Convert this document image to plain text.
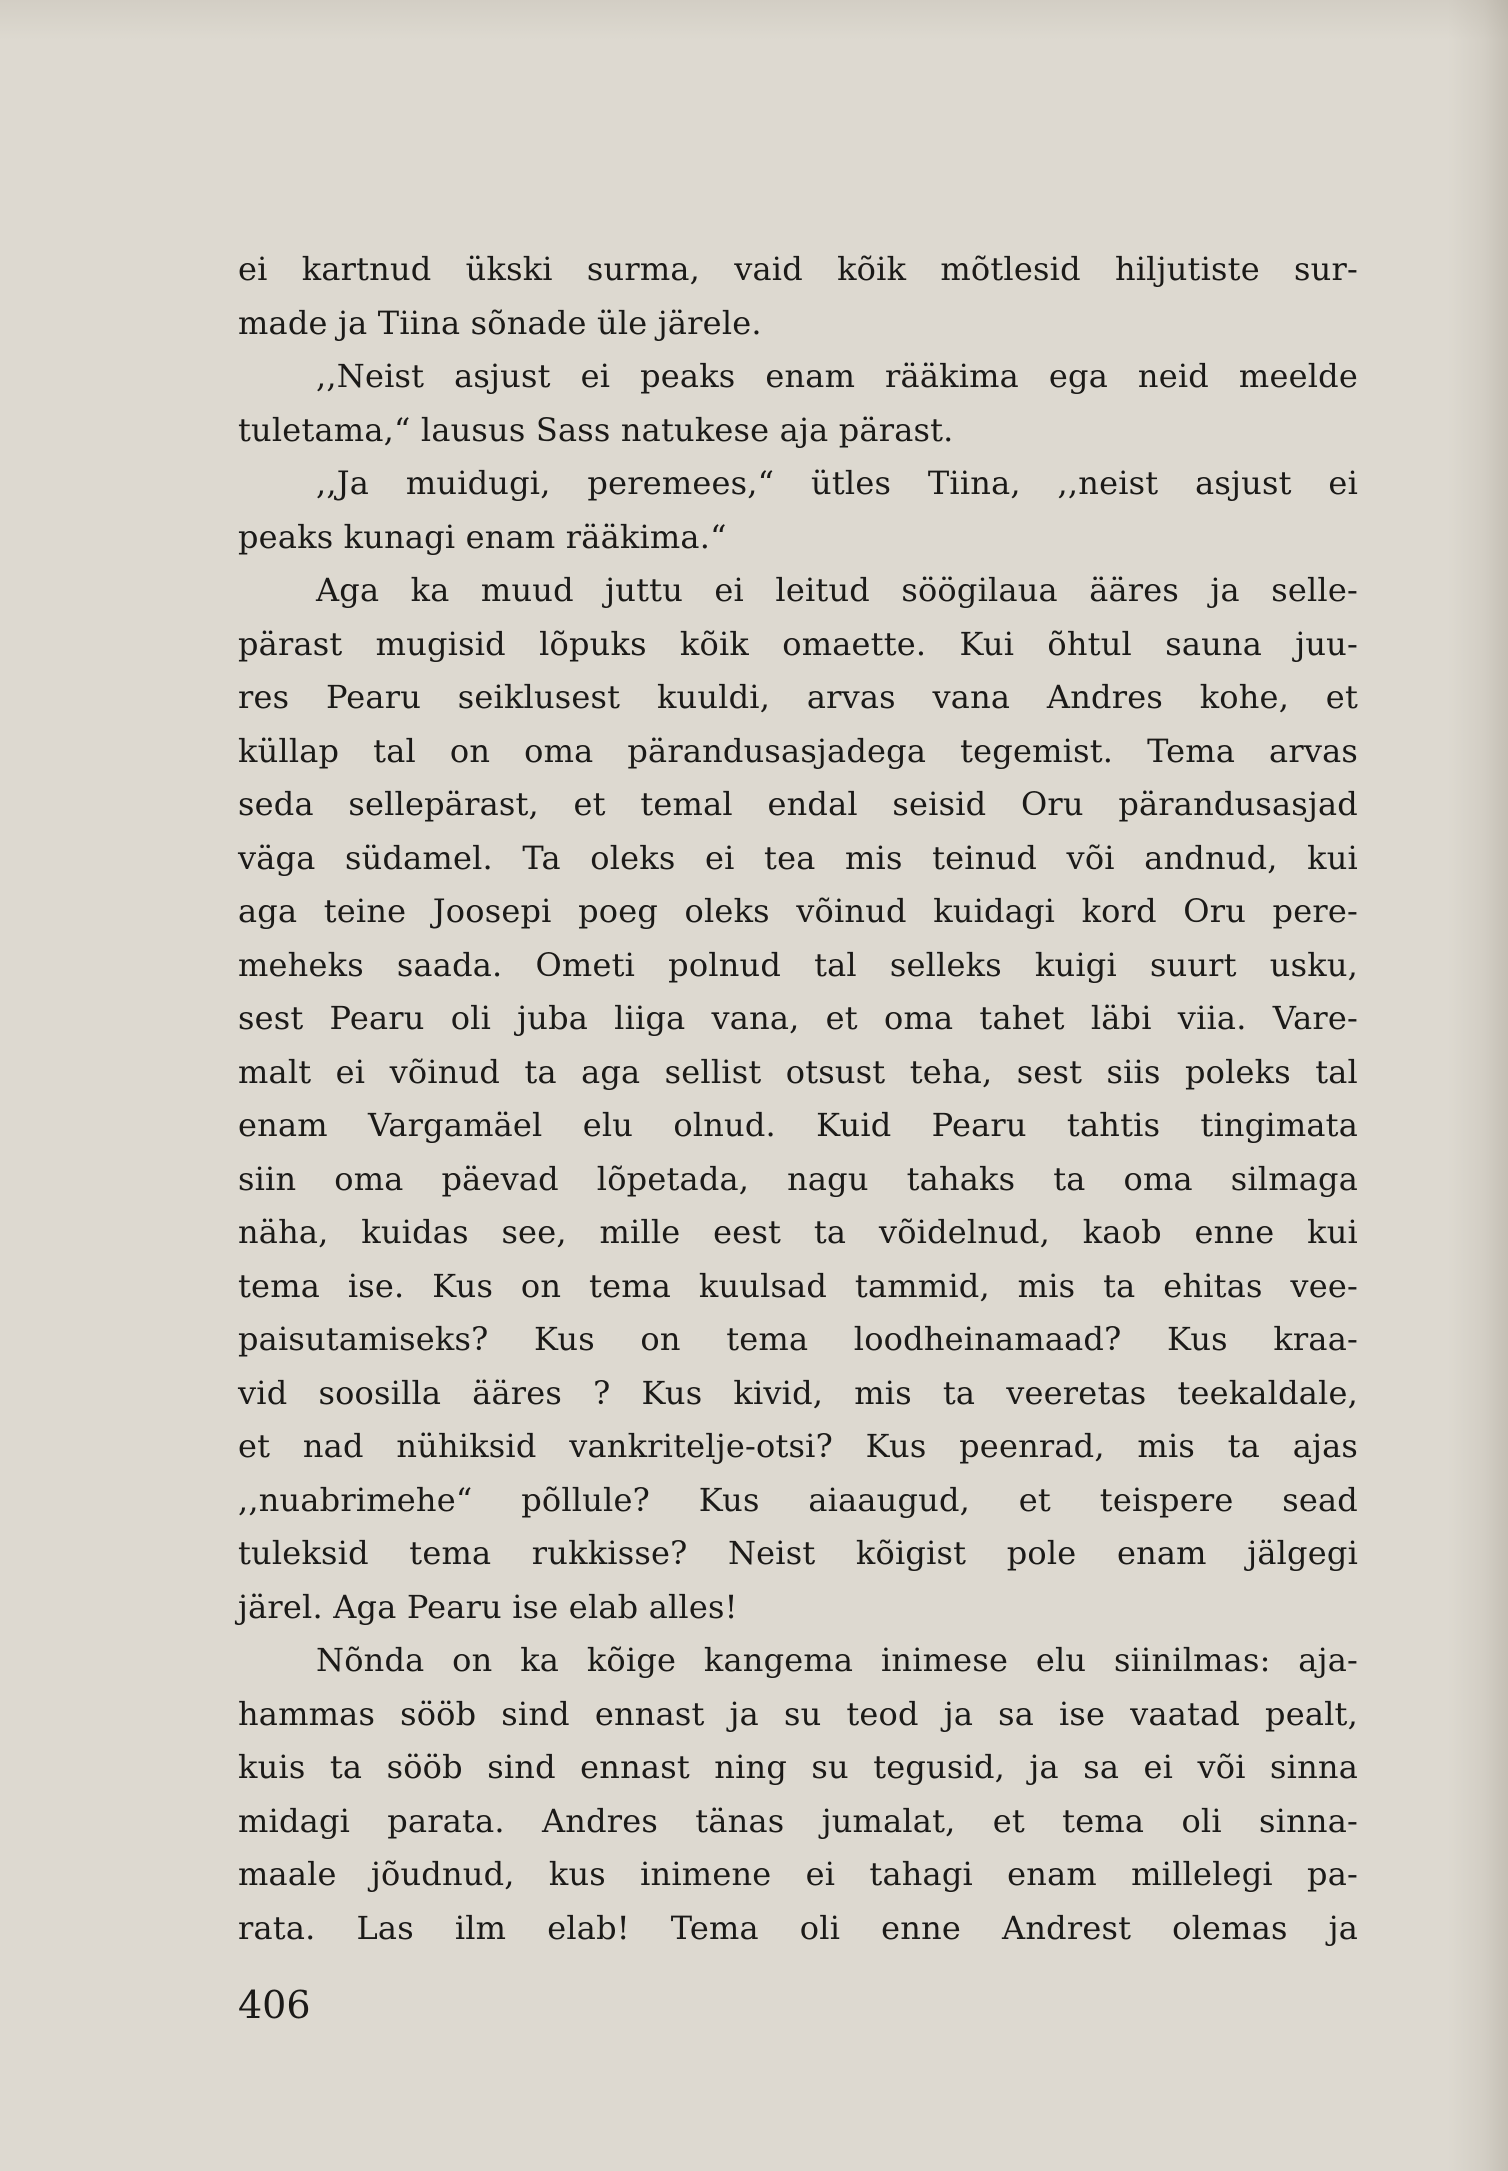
ei kartnud ükski surma, vaid kõik mõtlesid hiljutiste sur-
made ja Tiina sõnade üle järele.
,,Neist asjust ei peaks enam rääkima ega neid meelde
tuletama,“ lausus Sass natukese aja pärast.
,,Ja muidugi, peremees,“ ütles Tiina, ,,neist asjust ei
peaks kunagi enam rääkima.“
Aga ka muud juttu ei leitud söögilaua ääres ja selle-
pärast mugisid lõpuks kõik omaette. Kui õhtul sauna juu-
res Pearu seiklusest kuuldi, arvas vana Andres kohe, et
küllap tal on oma pärandusasjadega tegemist. Tema arvas
seda sellepärast, et temal endal seisid Oru pärandusasjad
väga südamel. Ta oleks ei tea mis teinud või andnud, kui
aga teine Joosepi poeg oleks võinud kuidagi kord Oru pere-
meheks saada. Ometi polnud tal selleks kuigi suurt usku,
sest Pearu oli juba liiga vana, et oma tahet läbi viia. Vare-
malt ei võinud ta aga sellist otsust teha, sest siis poleks tal
enam Vargamäel elu olnud. Kuid Pearu tahtis tingimata
siin oma päevad lõpetada, nagu tahaks ta oma silmaga
näha, kuidas see, mille eest ta võidelnud, kaob enne kui
tema ise. Kus on tema kuulsad tammid, mis ta ehitas vee-
paisutamiseks? Kus on tema loodheinamaad? Kus kraa-
vid soosilla ääres ? Kus kivid, mis ta veeretas teekaldale,
et nad nühiksid vankritelje-otsi? Kus peenrad, mis ta ajas
,,nuabrimehe“ põllule? Kus aiaaugud, et teispere sead
tuleksid tema rukkisse? Neist kõigist pole enam jälgegi
järel. Aga Pearu ise elab alles!
Nõnda on ka kõige kangema inimese elu siinilmas: aja-
hammas sööb sind ennast ja su teod ja sa ise vaatad pealt,
kuis ta sööb sind ennast ning su tegusid, ja sa ei või sinna
midagi parata. Andres tänas jumalat, et tema oli sinna-
maale jõudnud, kus inimene ei tahagi enam millelegi pa-
rata. Las ilm elab! Tema oli enne Andrest olemas ja
406
